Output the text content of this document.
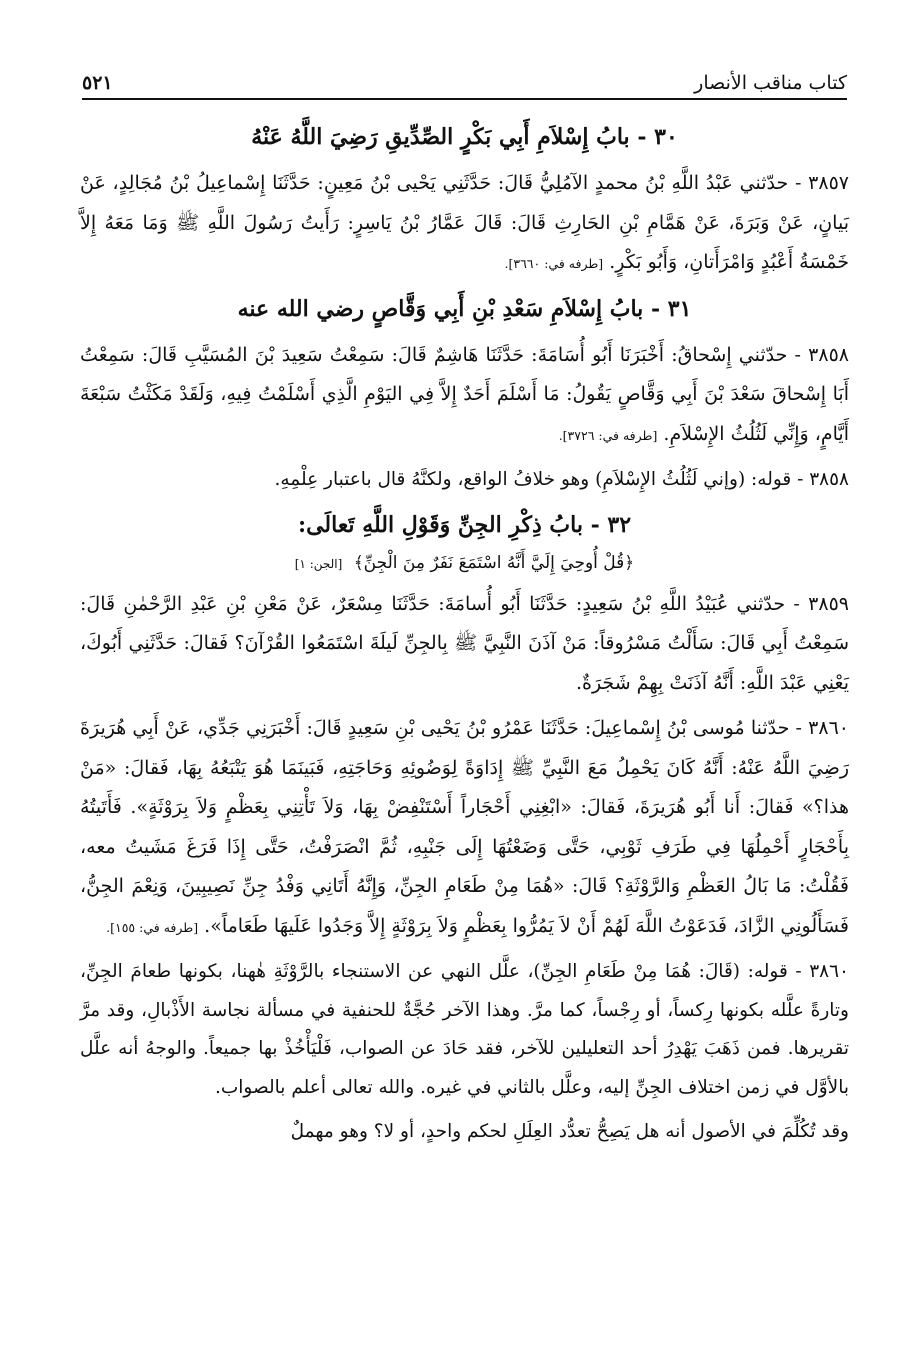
كتاب مناقب الأنصار
٥٢١
٣٠ - بابُ إِسْلاَمِ أَبِي بَكْرٍ الصِّدِّيقِ رَضِيَ اللَّهُ عَنْهُ

٣٨٥٧ - حدّثني عَبْدُ اللَّهِ بْنُ محمدٍ الآمُلِيُّ قَالَ: حَدَّثَنِي يَحْيى بْنُ مَعِينٍ: حَدَّثَنَا إِسْماعِيلُ بْنُ مُجَالِدٍ، عَنْ بَيانٍ، عَنْ وَبَرَةَ، عَنْ هَمَّامِ بْنِ الحَارِثِ قَالَ: قَالَ عَمَّارُ بْنُ يَاسِرٍ: رَأَيتُ رَسُولَ اللَّهِ ﷺ وَمَا مَعَهُ إِلاَّ خَمْسَةُ أَعْبُدٍ وَامْرَأَتانِ، وَأَبُو بَكْرٍ. [طرفه في: ٣٦٦٠].

٣١ - بابُ إِسْلاَمِ سَعْدِ بْنِ أَبِي وَقَّاصٍ رضي الله عنه

٣٨٥٨ - حدّثني إِسْحاقُ: أَخْبَرَنَا أَبُو أُسَامَةَ: حَدَّثَنَا هَاشِمٌ قَالَ: سَمِعْتُ سَعِيدَ بْنَ المُسَيَّبِ قَالَ: سَمِعْتُ أَبَا إِسْحاقَ سَعْدَ بْنَ أَبِي وَقَّاصٍ يَقُولُ: مَا أَسْلَمَ أَحَدٌ إِلاَّ فِي اليَوْمِ الَّذِي أَسْلَمْتُ فِيهِ، وَلَقَدْ مَكَثْتُ سَبْعَةَ أَيَّامٍ، وَإِنِّي لَثُلُثُ الإِسْلاَمِ. [طرفه في: ٣٧٢٦].

٣٨٥٨ - قوله: (وإني لَثُلُثُ الإِسْلاَمِ) وهو خلافُ الواقع، ولكنَّهُ قال باعتبار عِلْمِهِ.

٣٢ - بابُ ذِكْرِ الجِنِّ وَقَوْلِ اللَّهِ تَعالَى:
﴿قُلْ أُوحِيَ إِلَيَّ أَنَّهُ اسْتَمَعَ نَفَرٌ مِنَ الْجِنِّ﴾ [الجن: ١]

٣٨٥٩ - حدّثني عُبَيْدُ اللَّهِ بْنُ سَعِيدٍ: حَدَّثَنَا أَبُو أُسامَةَ: حَدَّثَنَا مِسْعَرٌ، عَنْ مَعْنِ بْنِ عَبْدِ الرَّحْمٰنِ قَالَ: سَمِعْتُ أَبِي قَالَ: سَأَلْتُ مَسْرُوقاً: مَنْ آذَنَ النَّبِيَّ ﷺ بِالجِنِّ لَيلَةَ اسْتَمَعُوا القُرْآنَ؟ فَقالَ: حَدَّثَنِي أَبُوكَ، يَعْنِي عَبْدَ اللَّهِ: أَنَّهُ آذَنَتْ بِهِمْ شَجَرَةٌ.

٣٨٦٠ - حدّثنا مُوسى بْنُ إِسْماعِيلَ: حَدَّثَنَا عَمْرُو بْنُ يَحْيى بْنِ سَعِيدٍ قَالَ: أَخْبَرَنِي جَدِّي، عَنْ أَبِي هُرَيرَةَ رَضِيَ اللَّهُ عَنْهُ: أَنَّهُ كَانَ يَحْمِلُ مَعَ النَّبِيِّ ﷺ إِدَاوَةً لِوَضُوئِهِ وَحَاجَتِهِ، فَبَينَمَا هُوَ يَتْبَعُهُ بِهَا، فَقالَ: «مَنْ هذا؟» فَقالَ: أَنا أَبُو هُرَيرَةَ، فَقالَ: «ابْغِنِي أَحْجَاراً أَسْتَنْفِضْ بِهَا، وَلاَ تَأْتِنِي بِعَظْمٍ وَلاَ بِرَوْثَةٍ». فَأَتَيتُهُ بِأَحْجَارٍ أَحْمِلُهَا فِي طَرَفِ ثَوْبِي، حَتَّى وَضَعْتُهَا إِلَى جَنْبِهِ، ثُمَّ انْصَرَفْتُ، حَتَّى إِذَا فَرَغَ مَشَيتُ معه، فَقُلْتُ: مَا بَالُ العَظْمِ وَالرَّوْثَةِ؟ قَالَ: «هُمَا مِنْ طَعَامِ الجِنِّ، وَإِنَّهُ أَتَانِي وَفْدُ جِنِّ نَصِيبِينَ، وَنِعْمَ الجِنُّ، فَسَأَلُونِي الزَّادَ، فَدَعَوْتُ اللَّهَ لَهُمْ أَنْ لاَ يَمُرُّوا بِعَظْمٍ وَلاَ بِرَوْثَةٍ إِلاَّ وَجَدُوا عَلَيهَا طَعَاماً». [طرفه في: ١٥٥].

٣٨٦٠ - قوله: (قَالَ: هُمَا مِنْ طَعَامِ الجِنِّ)، علَّل النهي عن الاستنجاء بالرَّوْثَةِ هٰهنا، بكونها طعامَ الجِنِّ، وتارةً علَّله بكونها رِكساً، أو رِجْساً، كما مرَّ. وهذا الآخر حُجَّةٌ للحنفية في مسألة نجاسة الأَذْبالِ، وقد مرَّ تقريرها. فمن ذَهَبَ يَهْدِرُ أحد التعليلين للآخر، فقد حَادَ عن الصواب، فَلْيَأْخُذْ بها جميعاً. والوجهُ أنه علَّل بالأوَّل في زمن اختلاف الجِنِّ إليه، وعلَّل بالثاني في غيره. والله تعالى أعلم بالصواب.

وقد تُكُلِّمَ في الأصول أنه هل يَصِحُّ تعدُّد العِلَلِ لحكم واحدٍ، أو لا؟ وهو مهملٌ
